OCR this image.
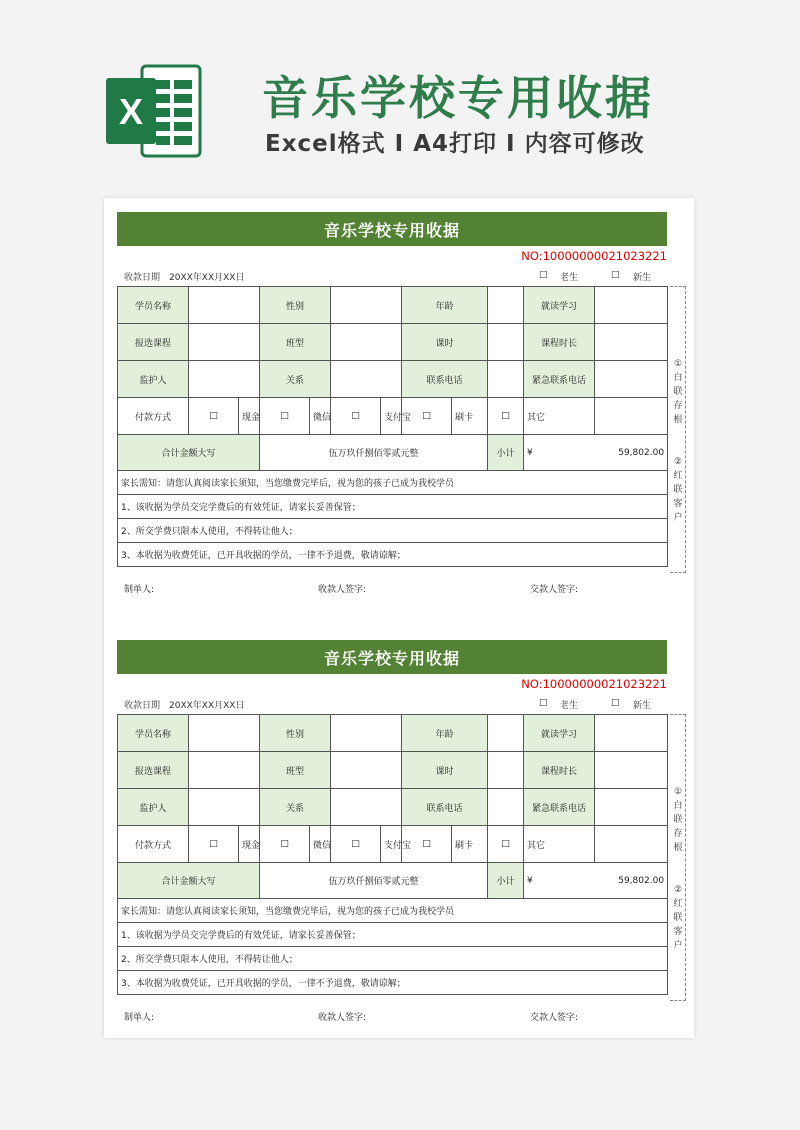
X	音乐学校专用收据
Excel格式 I A4打印 I 内容可修改
音乐学校专用收据
NO:10000000021023221
收款日期 20XX年XX月XX日	□ 老生	□ 新生
学员名称			性别				年龄			就读学习	
报选课程			班型				课时			课程时长	
监护人			关系				联系电话			紧急联系电话	
付款方式	□	现金	□	微信	□	支付宝	□	刷卡	□	其它	
合计金额大写			伍万玖仟捌佰零贰元整						小计	¥ 59,802.00	

家长需知：请您认真阅读家长须知，当您缴费完毕后，视为您的孩子已成为我校学员											
1、该收据为学员交完学费后的有效凭证，请家长妥善保管；											
2、所交学费只限本人使用，不得转让他人；											
3、本收据为收费凭证，已开具收据的学员，一律不予退费，敬请谅解；											
①
白
联
存
根
②
红
联
客
户
制单人:	收款人签字:	交款人签字:
音乐学校专用收据
NO:10000000021023221
收款日期 20XX年XX月XX日	□ 老生	□ 新生
学员名称			性别				年龄			就读学习	
报选课程			班型				课时			课程时长	
监护人			关系				联系电话			紧急联系电话	
付款方式	□	现金	□	微信	□	支付宝	□	刷卡	□	其它	
合计金额大写			伍万玖仟捌佰零贰元整						小计	¥ 59,802.00	

家长需知：请您认真阅读家长须知，当您缴费完毕后，视为您的孩子已成为我校学员											
1、该收据为学员交完学费后的有效凭证，请家长妥善保管；											
2、所交学费只限本人使用，不得转让他人；											
3、本收据为收费凭证，已开具收据的学员，一律不予退费，敬请谅解；											
①
白
联
存
根
②
红
联
客
户
制单人:	收款人签字:	交款人签字:
